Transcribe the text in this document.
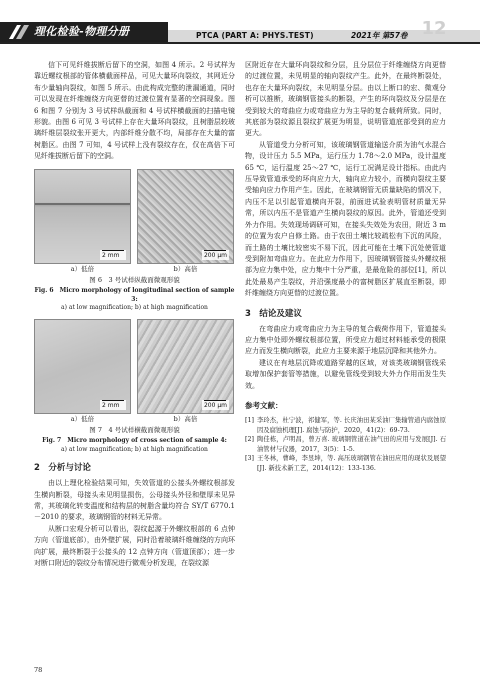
理化检验-物理分册	PTCA (PART A: PHYS.TEST)	2021年 第57卷 12

信下可见纤维拔断后留下的空洞，如图 4 所示。2 号试样为靠近螺纹根部的管体横截面样品，可见大量环向裂纹，其网近分布少量轴向裂纹，如图 5 所示。由此构成完整的泄漏通道，同时可以发现在纤维缠绕方向更替的过渡位置有显著的空洞现象。图 6 和图 7 分别为 3 号试样纵截面和 4 号试样横截面的扫描电镜形貌。由图 6 可见 3 号试样上存在大量环向裂纹，且树脂层较玻璃纤维层裂纹张开更大，内部纤维分散不均，局部存在大量的富树脂区。由图 7 可知，4 号试样上没有裂纹存在，仅在高倍下可见纤维拔断后留下的空洞。

2 mm	200 μm
a）低倍	b）高倍
图 6　3 号试样纵截面微观形貌
Fig. 6　Micro morphology of longitudinal section of sample 3:
a) at low magnification; b) at high magnification
2 mm	200 μm
a）低倍	b）高倍
图 7　4 号试样横截面微观形貌
Fig. 7　Micro morphology of cross section of sample 4:
a) at low magnification; b) at high magnification
2　分析与讨论

由以上理化检验结果可知，失效管道的公接头外螺纹根部发生横向断裂，母接头未见明显损伤，公母接头外径和壁厚未见异常，其玻璃化转变温度和结构层的树脂含量均符合 SY/T 6770.1－2010 的要求，玻璃钢管的材料无异常。

从断口宏观分析可以看出，裂纹起源于外螺纹根部的 6 点钟方向（管道底部），由外壁扩展，同时沿着玻璃纤维缠绕的方向环向扩展，最终断裂于公接头的 12 点钟方向（管道顶部）；进一步对断口附近的裂纹分布情况进行微观分析发现，在裂纹源

区附近存在大量环向裂纹和分层，且分层位于纤维缠绕方向更替的过渡位置，未见明显的轴向裂纹产生。此外，在最终断裂处，也存在大量环向裂纹，未见明显分层。由以上断口的宏、微观分析可以推断，玻璃钢管接头的断裂，产生的环向裂纹及分层是在受到较大的弯曲应力或弯曲应力为主导的复合载荷所致。同时，其底部为裂纹源且裂纹扩展更为明显，说明管道底部受到的应力更大。

从管道受力分析可知，该玻璃钢管道输送介质为油气水混合物，设计压力 5.5 MPa，运行压力 1.78～2.0 MPa，设计温度 65 ℃，运行温度 25～27 ℃，运行工况满足设计指标。由此内压导致管道承受的环向应力大，轴向应力较小，而横向裂纹主要受轴向应力作用产生。因此，在玻璃钢管无质量缺陷的情况下，内压不足以引起管道横向开裂，前面进试验表明管材质量无异常，所以内压不是管道产生横向裂纹的原因。此外，管道还受到外力作用。失效现场调研可知，在接头失效处为农田，附近 3 m 的位置为农户自修土路。由于农田土壤比较疏松有下沉的风险，而土路的土壤比较密实不易下沉，因此可能在土壤下沉处使管道受到附加弯曲应力。在此应力作用下，因玻璃钢管接头外螺纹根部为应力集中处，应力集中十分严重，是最危险的部位[1]，所以此处最易产生裂纹，并沿强度最小的富树脂区扩展直至断裂，即纤维缠绕方向更替的过渡位置。

3　结论及建议

在弯曲应力或弯曲应力为主导的复合载荷作用下，管道接头应力集中处即外螺纹根部位置，所受应力超过材料能承受的极限应力而发生横向断裂，此应力主要来源于地层沉降和其他外力。

建议在有地层沉降或道路穿越的区域，对该类玻璃钢管线采取增加保护套管等措施，以避免管线受到较大外力作用而发生失效。

参考文献：
[1] 李玲杰，杜宁波，祁健军，等. 长庆油田某采油厂集输管道内腐蚀原因及腐蚀机理[J]. 腐蚀与防护，2020，41(2)：69-73.
[2] 陶佳栋，卢明昌，曾万喜. 玻璃钢管道在油气田的应用与发展[J]. 石油管材与仪器，2017，3(5)：1-5.
[3] 王冬林，曹峰，李昱坤，等. 高压玻璃钢管在油田应用的现状及展望[J]. 新技术新工艺，2014(12)：133-136.
78
